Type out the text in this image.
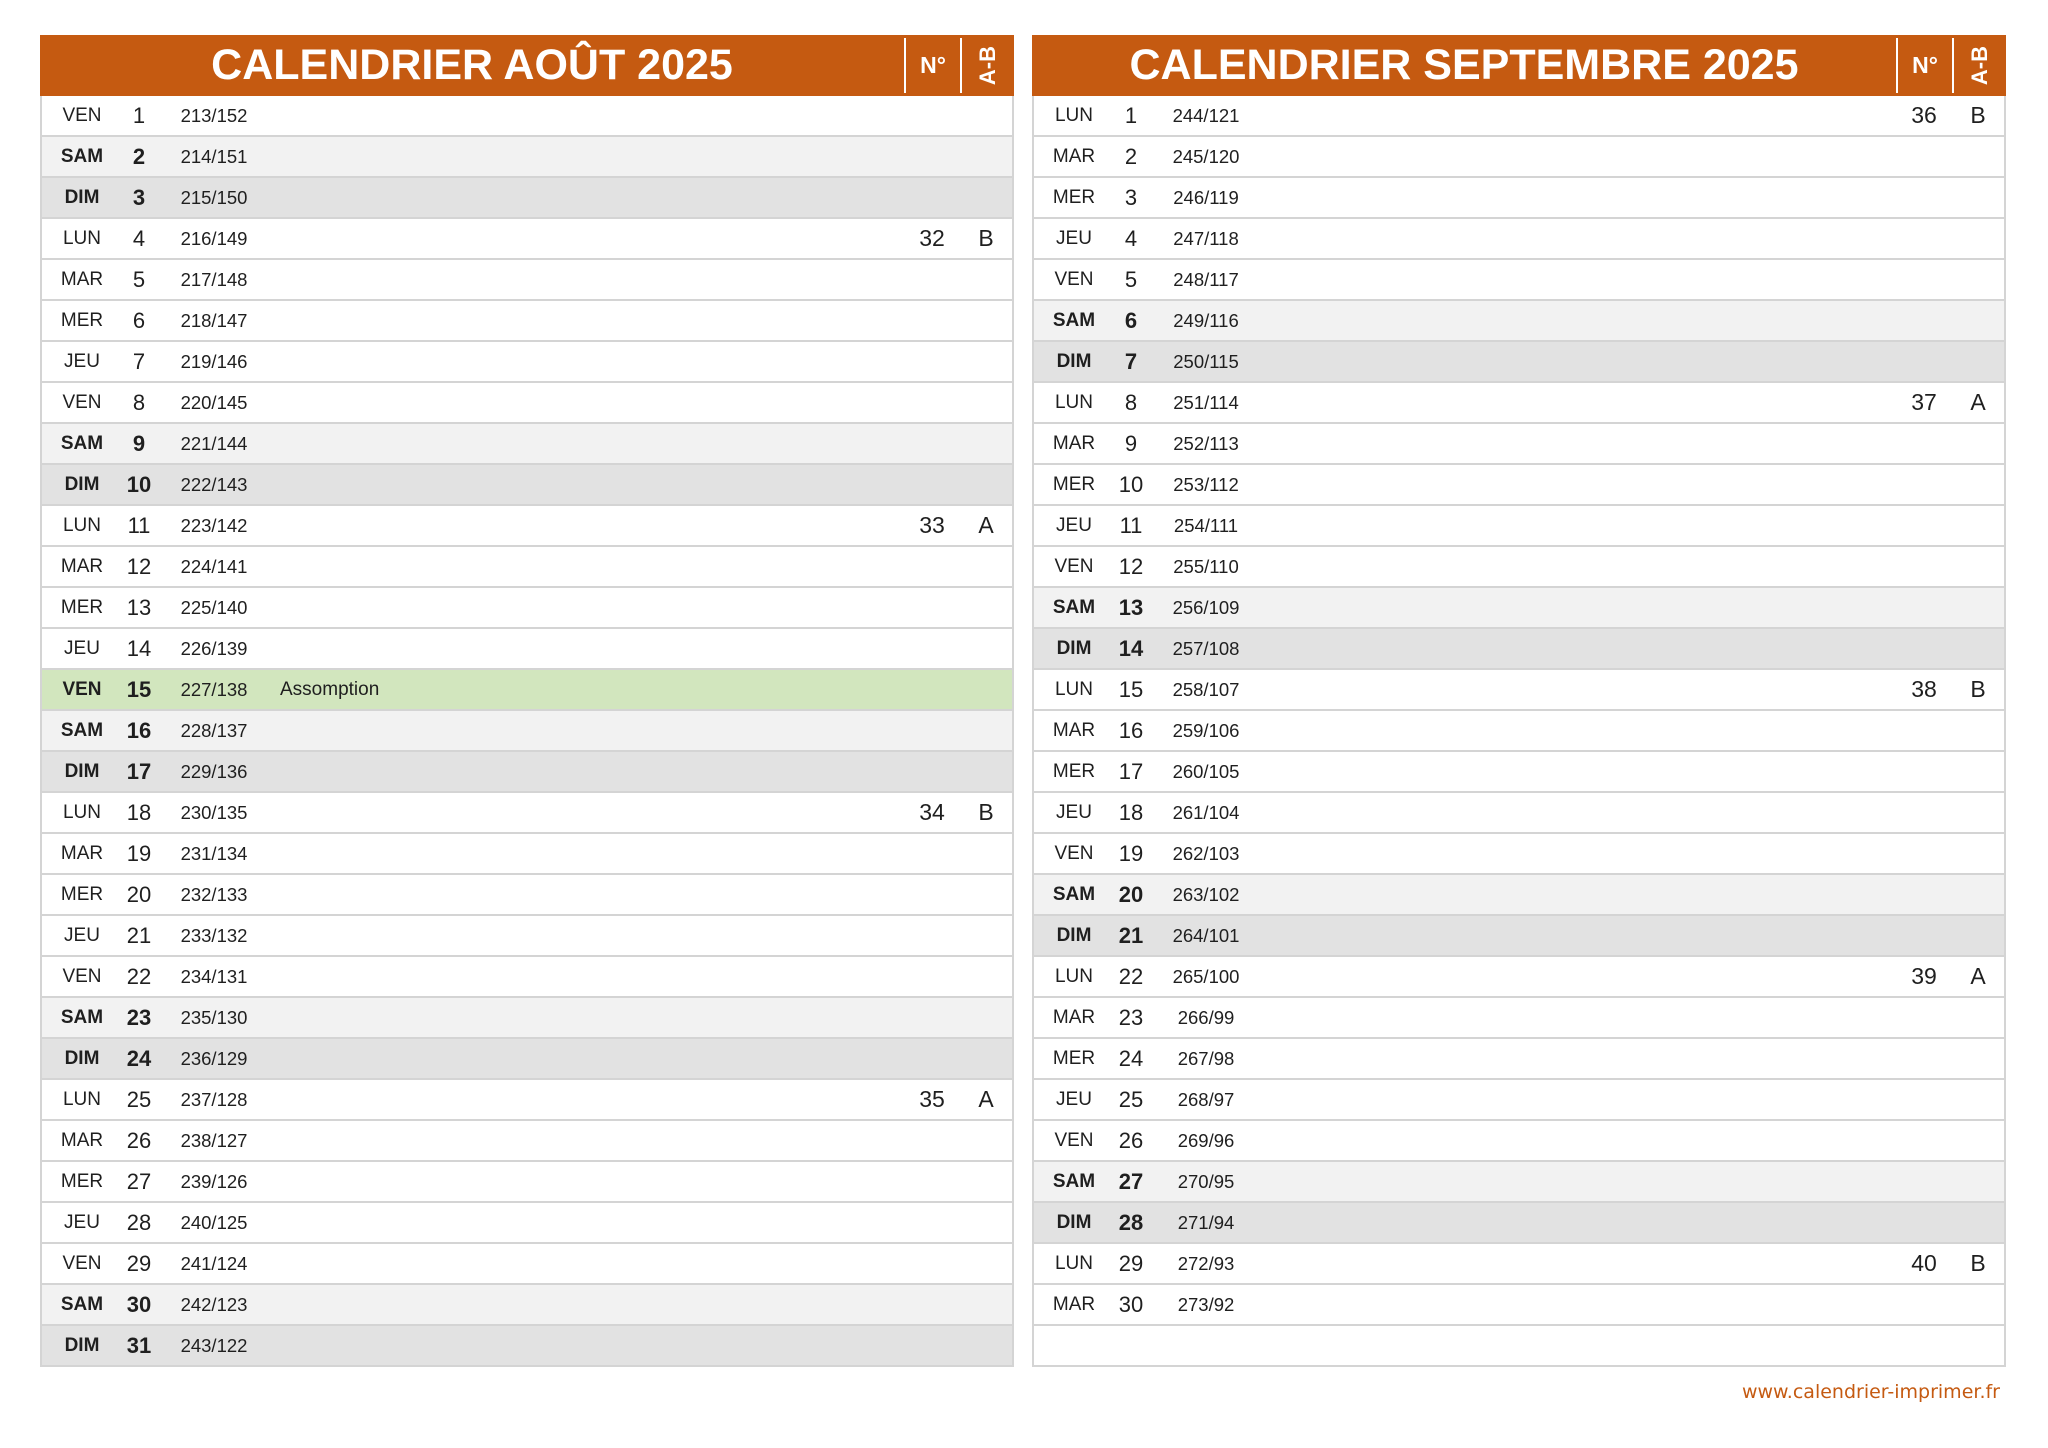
CALENDRIER AOÛT 2025	N°	A-B
VEN	1	213/152
SAM	2	214/151
DIM	3	215/150
LUN	4	216/149	32	B
MAR	5	217/148
MER	6	218/147
JEU	7	219/146
VEN	8	220/145
SAM	9	221/144
DIM	10	222/143
LUN	11	223/142	33	A
MAR	12	224/141
MER	13	225/140
JEU	14	226/139
VEN	15	227/138	Assomption
SAM	16	228/137
DIM	17	229/136
LUN	18	230/135	34	B
MAR	19	231/134
MER	20	232/133
JEU	21	233/132
VEN	22	234/131
SAM	23	235/130
DIM	24	236/129
LUN	25	237/128	35	A
MAR	26	238/127
MER	27	239/126
JEU	28	240/125
VEN	29	241/124
SAM	30	242/123
DIM	31	243/122
CALENDRIER SEPTEMBRE 2025	N°	A-B
LUN	1	244/121	36	B
MAR	2	245/120
MER	3	246/119
JEU	4	247/118
VEN	5	248/117
SAM	6	249/116
DIM	7	250/115
LUN	8	251/114	37	A
MAR	9	252/113
MER	10	253/112
JEU	11	254/111
VEN	12	255/110
SAM	13	256/109
DIM	14	257/108
LUN	15	258/107	38	B
MAR	16	259/106
MER	17	260/105
JEU	18	261/104
VEN	19	262/103
SAM	20	263/102
DIM	21	264/101
LUN	22	265/100	39	A
MAR	23	266/99
MER	24	267/98
JEU	25	268/97
VEN	26	269/96
SAM	27	270/95
DIM	28	271/94
LUN	29	272/93	40	B
MAR	30	273/92
www.calendrier-imprimer.fr
